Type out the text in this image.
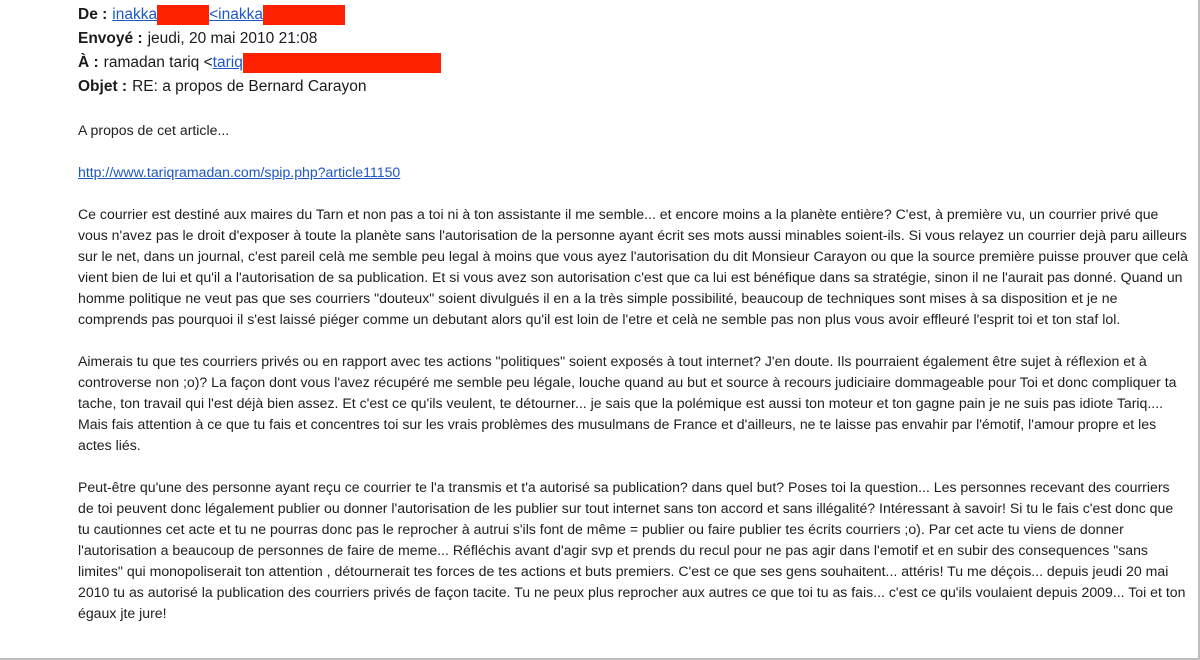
De : inakka	<inakka
Envoyé : jeudi, 20 mai 2010 21:08
À : ramadan tariq < tariq
Objet : RE: a propos de Bernard Carayon

A propos de cet article...

http://www.tariqramadan.com/spip.php?article11150

Ce courrier est destiné aux maires du Tarn et non pas a toi ni à ton assistante il me semble... et encore moins a la planète entière? C'est, à première vu, un courrier privé que vous n'avez pas le droit d'exposer à toute la planète sans l'autorisation de la personne ayant écrit ses mots aussi minables soient-ils. Si vous relayez un courrier dejà paru ailleurs sur le net, dans un journal, c'est pareil celà me semble peu legal à moins que vous ayez l'autorisation du dit Monsieur Carayon ou que la source première puisse prouver que celà vient bien de lui et qu'il a l'autorisation de sa publication. Et si vous avez son autorisation c'est que ca lui est bénéfique dans sa stratégie, sinon il ne l'aurait pas donné. Quand un homme politique ne veut pas que ses courriers "douteux" soient divulgués il en a la très simple possibilité, beaucoup de techniques sont mises à sa disposition et je ne comprends pas pourquoi il s'est laissé piéger comme un debutant alors qu'il est loin de l'etre et celà ne semble pas non plus vous avoir effleuré l'esprit toi et ton staf lol.

Aimerais tu que tes courriers privés ou en rapport avec tes actions "politiques" soient exposés à tout internet? J'en doute. Ils pourraient également être sujet à réflexion et à controverse non ;o)? La façon dont vous l'avez récupéré me semble peu légale, louche quand au but et source à recours judiciaire dommageable pour Toi et donc compliquer ta tache, ton travail qui l'est déjà bien assez. Et c'est ce qu'ils veulent, te détourner... je sais que la polémique est aussi ton moteur et ton gagne pain je ne suis pas idiote Tariq.... Mais fais attention à ce que tu fais et concentres toi sur les vrais problèmes des musulmans de France et d'ailleurs, ne te laisse pas envahir par l'émotif, l'amour propre et les actes liés.

Peut-être qu'une des personne ayant reçu ce courrier te l'a transmis et t'a autorisé sa publication? dans quel but? Poses toi la question... Les personnes recevant des courriers de toi peuvent donc légalement publier ou donner l'autorisation de les publier sur tout internet sans ton accord et sans illégalité? Intéressant à savoir! Si tu le fais c'est donc que tu cautionnes cet acte et tu ne pourras donc pas le reprocher à autrui s'ils font de même = publier ou faire publier tes écrits courriers ;o). Par cet acte tu viens de donner l'autorisation a beaucoup de personnes de faire de meme... Réfléchis avant d'agir svp et prends du recul pour ne pas agir dans l'emotif et en subir des consequences "sans limites" qui monopoliserait ton attention , détournerait tes forces de tes actions et buts premiers. C'est ce que ses gens souhaitent... attéris! Tu me déçois... depuis jeudi 20 mai 2010 tu as autorisé la publication des courriers privés de façon tacite. Tu ne peux plus reprocher aux autres ce que toi tu as fais... c'est ce qu'ils voulaient depuis 2009... Toi et ton égaux jte jure!
